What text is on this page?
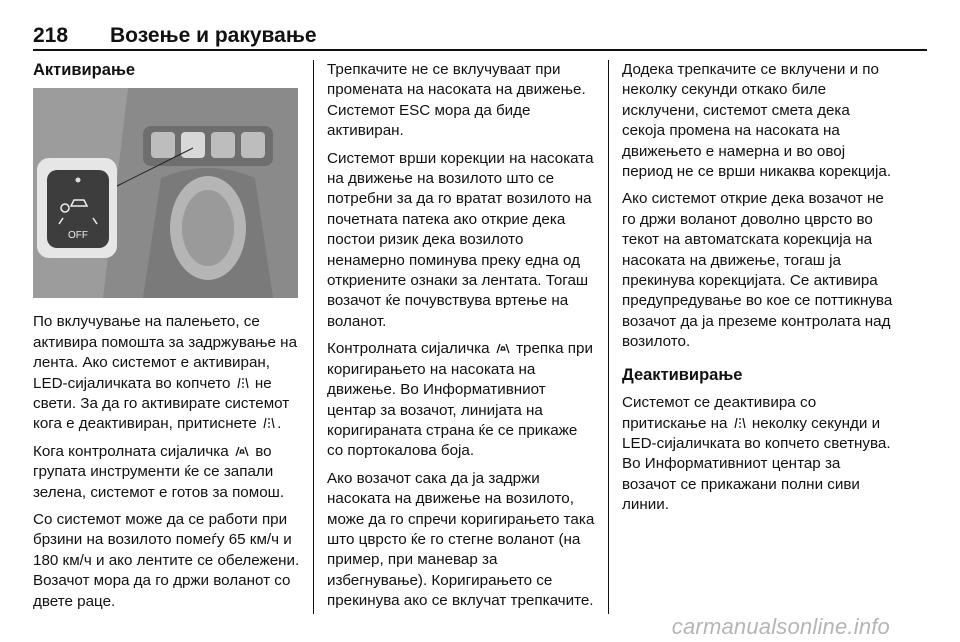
218 Возење и ракување
Активирање
OFF

По вклучување на палењето, се активира помошта за задржување на лента. Ако системот е активиран, LED-сијаличката во копчето не свети. За да го активирате системот кога е деактивиран, притиснете .

Кога контролната сијаличка во групата инструменти ќе се запали зелена, системот е готов за помош.

Со системот може да се работи при брзини на возилото помеѓу 65 км/ч и 180 км/ч и ако лентите се обележени. Возачот мора да го држи воланот со двете раце.

Трепкачите не се вклучуваат при промената на насоката на движење. Системот ESC мора да биде активиран.

Системот врши корекции на насоката на движење на возилото што се потребни за да го вратат возилото на почетната патека ако открие дека постои ризик дека возилото ненамерно поминува преку една од откриените ознаки за лентата. Тогаш возачот ќе почувствува вртење на воланот.

Контролната сијаличка трепка при коригирањето на насоката на движење. Во Информативниот центар за возачот, линијата на коригираната страна ќе се прикаже со портокалова боја.

Ако возачот сака да ја задржи насоката на движење на возилото, може да го спречи коригирањето така што цврсто ќе го стегне воланот (на пример, при маневар за избегнување). Коригирањето се прекинува ако се вклучат трепкачите.

Додека трепкачите се вклучени и по неколку секунди откако биле исклучени, системот смета дека секоја промена на насоката на движењето е намерна и во овој период не се врши никаква корекција.

Ако системот открие дека возачот не го држи воланот доволно цврсто во текот на автоматската корекција на насоката на движење, тогаш ја прекинува корекцијата. Се активира предупредување во кое се поттикнува возачот да ја преземе контролата над возилото.

Деактивирање

Системот се деактивира со притискање на неколку секунди и LED-сијаличката во копчето светнува. Во Информативниот центар за возачот се прикажани полни сиви линии.

carmanualsonline.info
